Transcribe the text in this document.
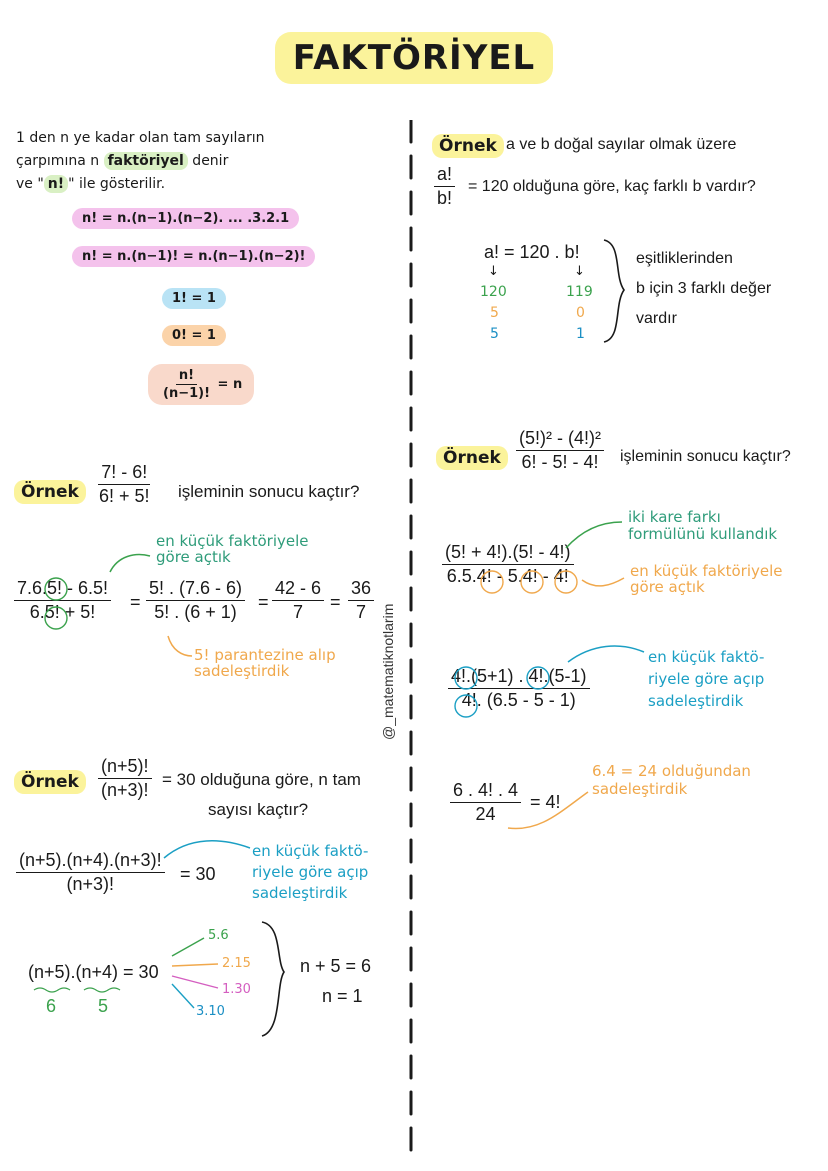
FAKTÖRİYEL
@_matematiknotlarim
1 den n ye kadar olan tam sayıların
çarpımına n faktöriyel denir
ve " n! " ile gösterilir.
n! = n.(n−1).(n−2). ... .3.2.1
n! = n.(n−1)! = n.(n−1).(n−2)!
1! = 1
0! = 1
$\frac{n!}{(n-1)!} = n$
Örnek $\frac{7! - 6!}{6! + 5!}$ işleminin sonucu kaçtır?
en küçük faktöriyele
göre açtık
$\frac{7.6.5! - 6.5!}{6.5! + 5!} = \frac{5! . (7.6 - 6)}{5! . (6 + 1)} = \frac{42 - 6}{7} = \frac{36}{7}$
5! parantezine alıp
sadeleştirdik
Örnek	$\frac{(n+5)!}{(n+3)!} = 30$ olduğuna göre, n tam
sayısı kaçtır?
$\frac{(n+5).(n+4).(n+3)!}{(n+3)!} = 30$
en küçük faktö-
riyele göre açıp
sadeleştirdik
(n+5).(n+4) = 30
6 5
5.6
2.15
1.30
3.10
n + 5 = 6
n = 1
Örnek a ve b doğal sayılar olmak üzere
$\frac{a!}{b!} = 120$ olduğuna göre, kaç farklı b vardır?
a! = 120 . b!
↓	↓
120
5
5
119
0
1
eşitliklerinden
b için 3 farklı değer
vardır
Örnek $\frac{\text{(5!)² - (4!)²}}{6! - 5! - 4!}$ işleminin sonucu kaçtır?
iki kare farkı
formülünü kullandık
$\frac{(5! + 4!).(5! - 4!)}{6.5.4! - 5.4! - 4!}$	en küçük faktöriyele
göre açtık
$\frac{4!.(5+1) . 4!.(5-1)}{4!. (6.5 - 5 - 1)}$
en küçük faktö-
riyele göre açıp
sadeleştirdik
$\frac{6 . 4! . 4}{24} = 4$!
6.4 = 24 olduğundan
sadeleştirdik
